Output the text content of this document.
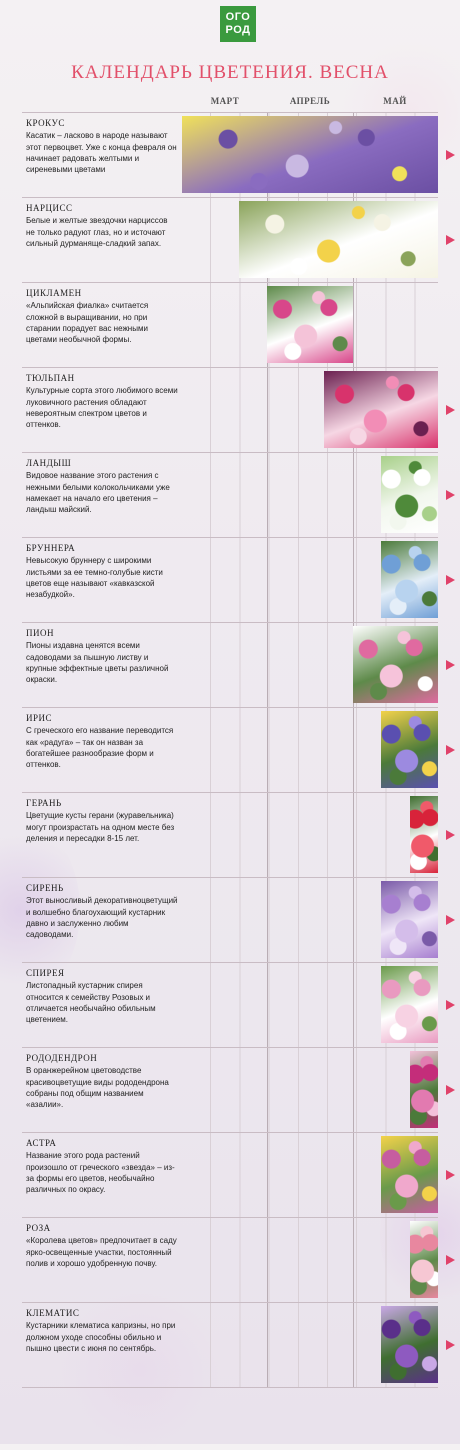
ОГО
РОД
КАЛЕНДАРЬ ЦВЕТЕНИЯ. ВЕСНА
МАРТ	АПРЕЛЬ	МАЙ
КРОКУС
Касатик – ласково в народе называют этот первоцвет. Уже с конца февраля он начинает радовать желтыми и сиреневыми цветами
НАРЦИСС
Белые и желтые звездочки нарциссов не только радуют глаз, но и источают сильный дурманяще-сладкий запах.
ЦИКЛАМЕН
«Альпийская фиалка» считается сложной в выращивании, но при старании порадует вас нежными цветами необычной формы.
ТЮЛЬПАН
Культурные сорта этого любимого всеми луковичного растения обладают невероятным спектром цветов и оттенков.
ЛАНДЫШ
Видовое название этого растения с нежными белыми колокольчиками уже намекает на начало его цветения – ландыш майский.
БРУННЕРА
Невысокую бруннеру с широкими листьями за ее темно-голубые кисти цветов еще называют «кавказской незабудкой».
ПИОН
Пионы издавна ценятся всеми садоводами за пышную листву и крупные эффектные цветы различной окраски.
ИРИС
С греческого его название переводится как «радуга» – так он назван за богатейшее разнообразие форм и оттенков.
ГЕРАНЬ
Цветущие кусты герани (журавельника) могут произрастать на одном месте без деления и пересадки 8-15 лет.
СИРЕНЬ
Этот выносливый декоративноцветущий и волшебно благоухающий кустарник давно и заслуженно любим садоводами.
СПИРЕЯ
Листопадный кустарник спирея относится к семейству Розовых и отличается необычайно обильным цветением.
РОДОДЕНДРОН
В оранжерейном цветоводстве красивоцветущие виды рододендрона собраны под общим названием «азалии».
АСТРА
Название этого рода растений произошло от греческого «звезда» – из-за формы его цветов, необычайно различных по окрасу.
РОЗА
«Королева цветов» предпочитает в саду ярко-освещенные участки, постоянный полив и хорошо удобренную почву.
КЛЕМАТИС
Кустарники клематиса капризны, но при должном уходе способны обильно и пышно цвести с июня по сентябрь.
